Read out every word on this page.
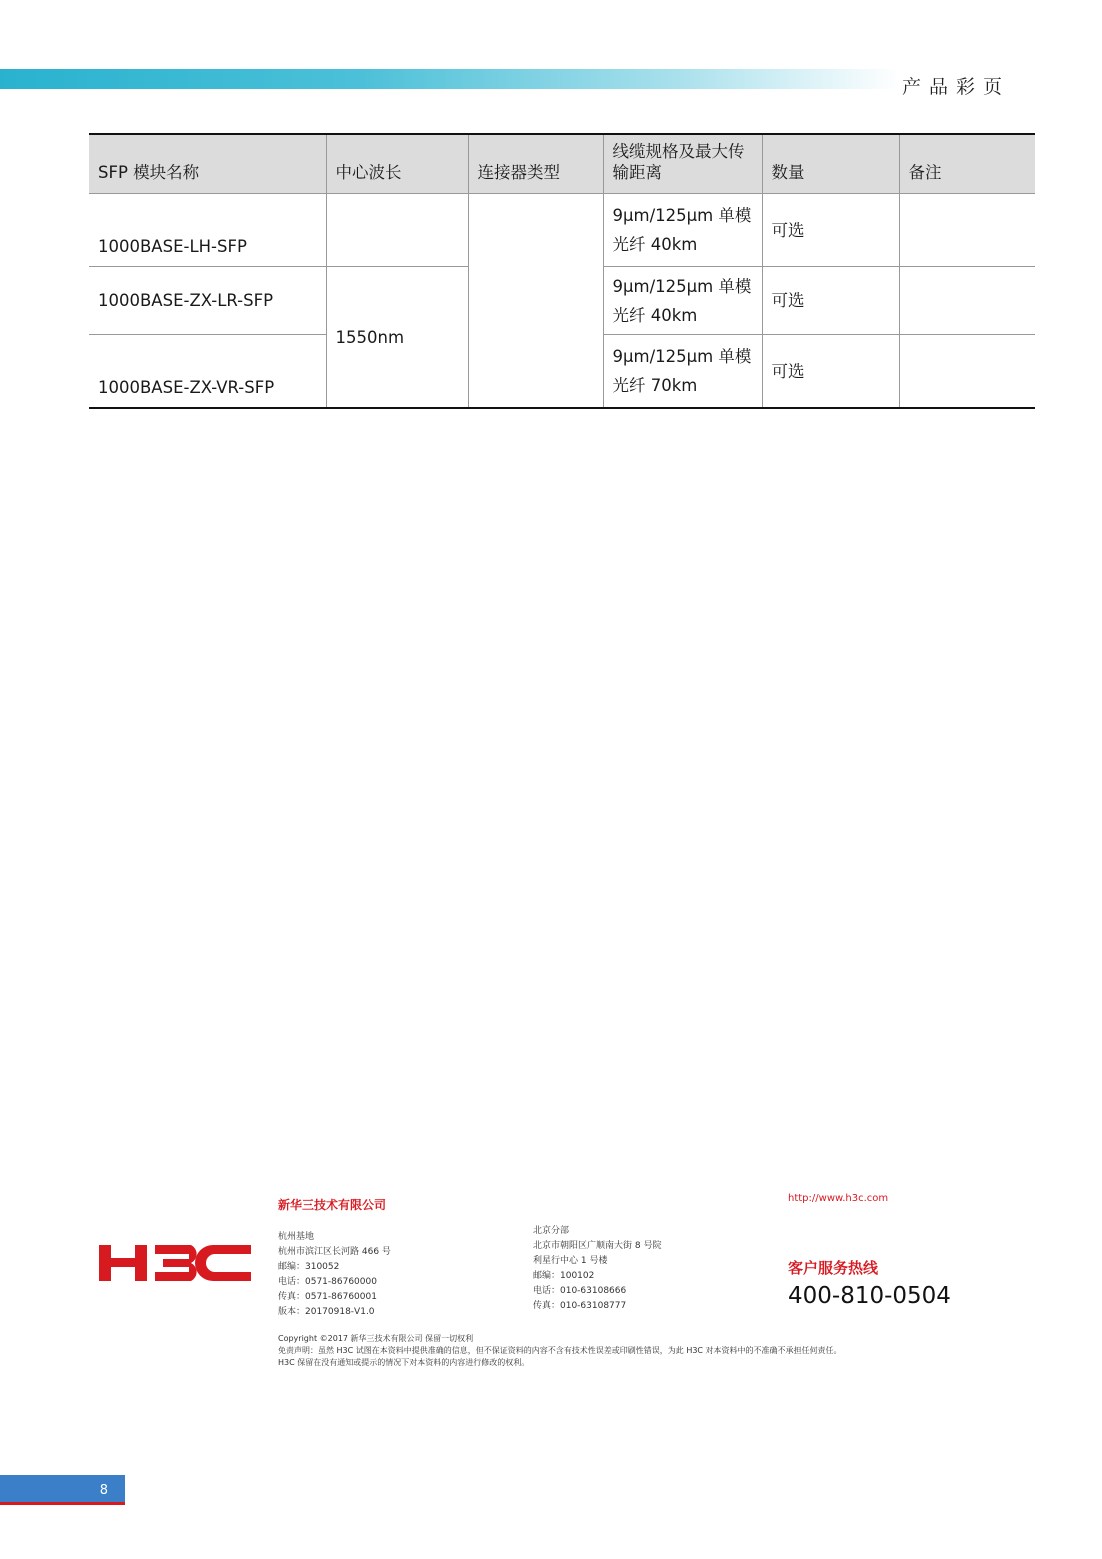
产品彩页
SFP 模块名称	中心波长	连接器类型	线缆规格及最大传输距离	数量	备注
1000BASE-LH-SFP			9μm/125μm 单模光纤 40km	可选	
1000BASE-ZX-LR-SFP	1550nm		9μm/125μm 单模光纤 40km	可选	
1000BASE-ZX-VR-SFP			9μm/125μm 单模光纤 70km	可选	
新华三技术有限公司
杭州基地
杭州市滨江区长河路 466 号
邮编：310052
电话：0571-86760000
传真：0571-86760001
版本：20170918-V1.0
北京分部
北京市朝阳区广顺南大街 8 号院
利星行中心 1 号楼
邮编：100102
电话：010-63108666
传真：010-63108777
http://www.h3c.com
客户服务热线
400-810-0504
Copyright ©2017 新华三技术有限公司 保留一切权利
免责声明：虽然 H3C 试图在本资料中提供准确的信息，但不保证资料的内容不含有技术性误差或印刷性错误，为此 H3C 对本资料中的不准确不承担任何责任。
H3C 保留在没有通知或提示的情况下对本资料的内容进行修改的权利。
8
